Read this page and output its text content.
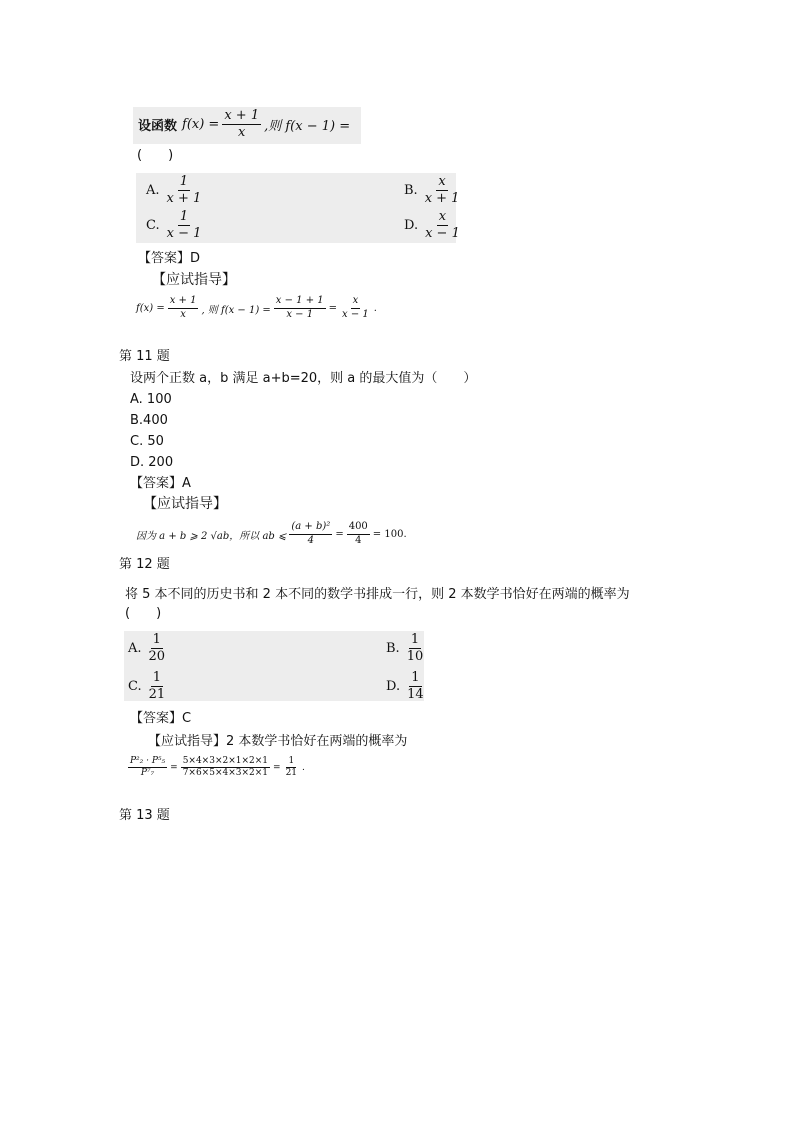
设函数 $f(x) = \frac{x + 1}{x}$ ,则 f(x − 1) =
(　　)
A. $\frac{1}{x + 1}$	B. $\frac{x}{x + 1}$
C. $\frac{1}{x - 1}$	D. $\frac{x}{x - 1}$
【答案】D
【应试指导】
$f(x) = \frac{x + 1}{x}$ , 则 $f(x - 1) = \frac{x - 1 + 1}{x - 1} = \frac{x}{x - 1}$ .
第 11 题
设两个正数 a，b 满足 a+b=20，则 a 的最大值为（　　）
A. 100
B.400
C. 50
D. 200
【答案】A
【应试指导】
因为 a + b ⩾ 2 √ab，所以 ab ⩽ $\frac{\text{(a + b)²}}{4} = \frac{400}{4} = 100$.
第 12 题
将 5 本不同的历史书和 2 本不同的数学书排成一行，则 2 本数学书恰好在两端的概率为
(　　)
A. $\frac{1}{20}$	B. $\frac{1}{10}$
C. $\frac{1}{21}$	D. $\frac{1}{14}$
【答案】C
【应试指导】2 本数学书恰好在两端的概率为
$\frac{\text{P²₂ · P⁵₅}}{\text{P⁷₇}} = \frac{5\times 4\times 3\times 2\times 1\times 2\times 1}{7\times 6\times 5\times 4\times 3\times 2\times 1} = \frac{1}{21}$ .
第 13 题
